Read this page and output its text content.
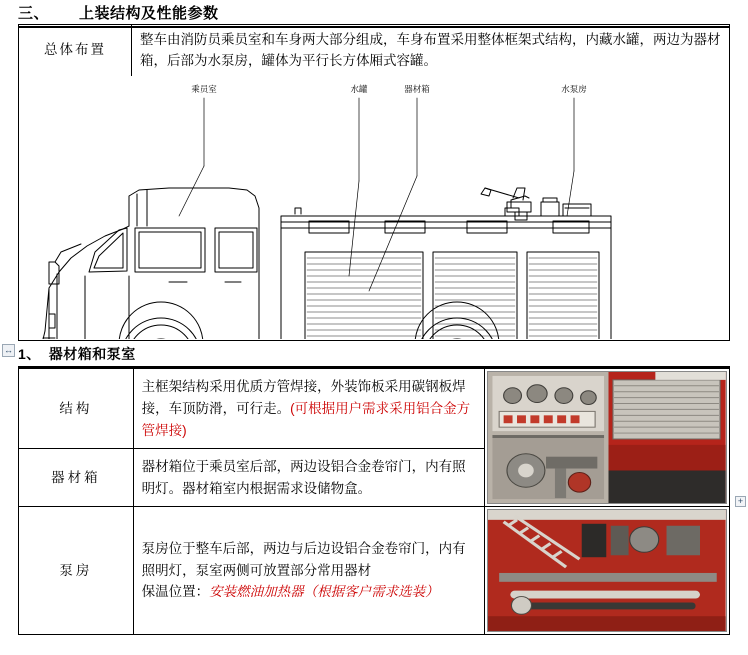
三、 上装结构及性能参数
总体布置	整车由消防员乘员室和车身两大部分组成，车身布置采用整体框架式结构，内藏水罐，两边为器材箱，后部为水泵房，罐体为平行长方体厢式容罐。
乘员室	水罐	器材箱	水泵房
↔ 1、 器材箱和泵室
结构	主框架结构采用优质方管焊接，外装饰板采用碳钢板焊接，车顶防滑，可行走。(可根据用户需求采用铝合金方管焊接)	

器材箱	器材箱位于乘员室后部，两边设铝合金卷帘门，内有照明灯。器材箱室内根据需求设储物盒。	
泵房	泵房位于整车后部，两边与后边设铝合金卷帘门，内有照明灯，泵室两侧可放置部分常用器材
保温位置：安装燃油加热器（根据客户需求选装）	
+
